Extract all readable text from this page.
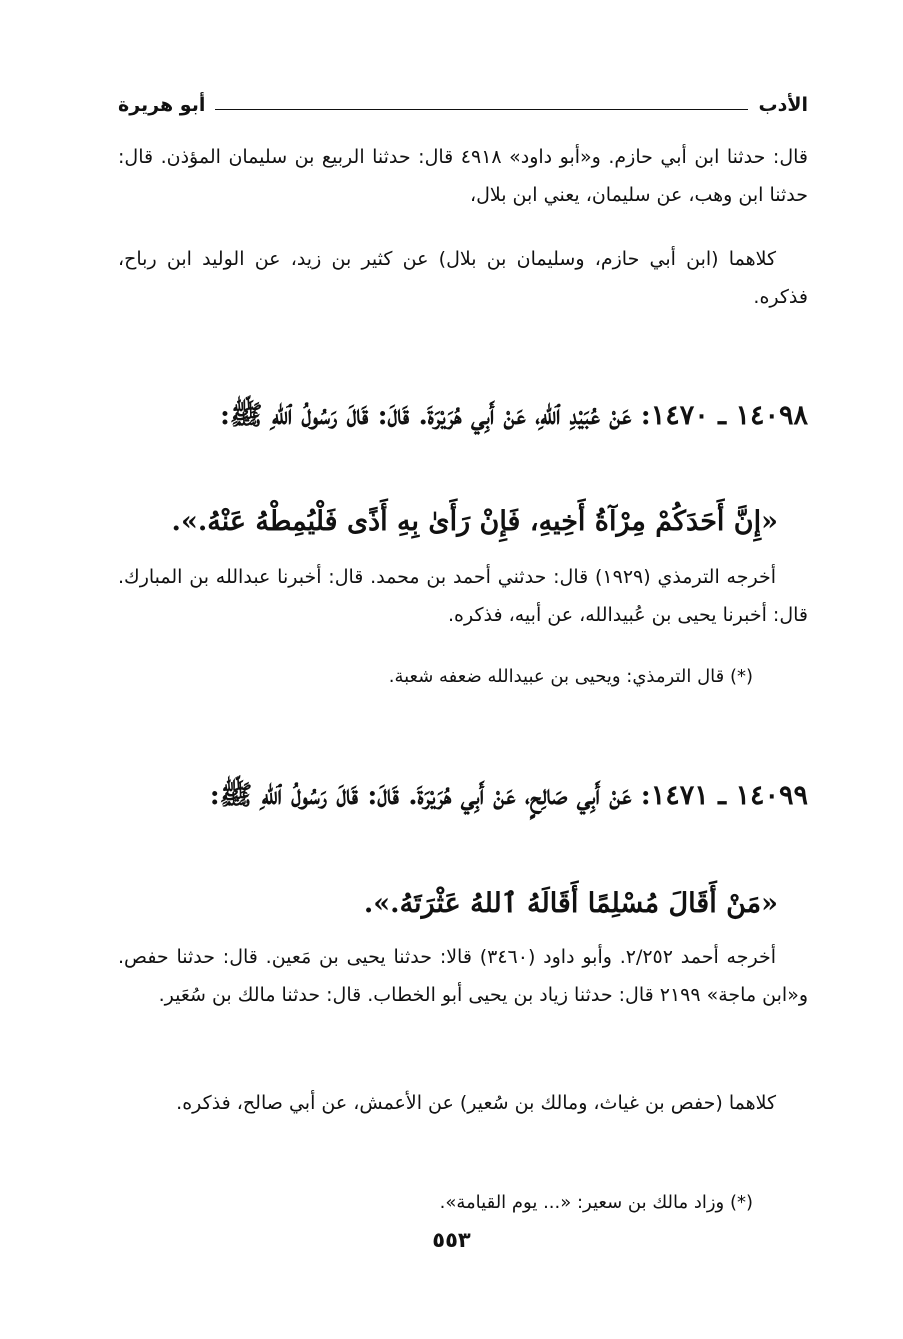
الأدب
أبو هريرة
قال: حدثنا ابن أبي حازم. و«أبو داود» ٤٩١٨ قال: حدثنا الربيع بن سليمان المؤذن. قال: حدثنا ابن وهب، عن سليمان، يعني ابن بلال،
كلاهما (ابن أبي حازم، وسليمان بن بلال) عن كثير بن زيد، عن الوليد ابن رباح، فذكره.
١٤٠٩٨ ـ ١٤٧٠: عَنْ عُبَيْدِ ٱللهِ، عَنْ أَبِي هُرَيْرَةَ. قَالَ: قَالَ رَسُولُ ٱللهِ ﷺ:
«إِنَّ أَحَدَكُمْ مِرْآةُ أَخِيهِ، فَإِنْ رَأَىٰ بِهِ أَذًى فَلْيُمِطْهُ عَنْهُ.».
أخرجه الترمذي (١٩٢٩) قال: حدثني أحمد بن محمد. قال: أخبرنا عبدالله بن المبارك. قال: أخبرنا يحيى بن عُبيدالله، عن أبيه، فذكره.
(*) قال الترمذي: ويحيى بن عبيدالله ضعفه شعبة.
١٤٠٩٩ ـ ١٤٧١: عَنْ أَبِي صَالِحٍ، عَنْ أَبِي هُرَيْرَةَ. قَالَ: قَالَ رَسُولُ ٱللهِ ﷺ:
«مَنْ أَقَالَ مُسْلِمًا أَقَالَهُ ٱللهُ عَثْرَتَهُ.».
أخرجه أحمد ٢/٢٥٢. وأبو داود (٣٤٦٠) قالا: حدثنا يحيى بن مَعين. قال: حدثنا حفص. و«ابن ماجة» ٢١٩٩ قال: حدثنا زياد بن يحيى أبو الخطاب. قال: حدثنا مالك بن سُعَير.
كلاهما (حفص بن غياث، ومالك بن سُعير) عن الأعمش، عن أبي صالح، فذكره.
(*) وزاد مالك بن سعير: «... يوم القيامة».
٥٥٣
